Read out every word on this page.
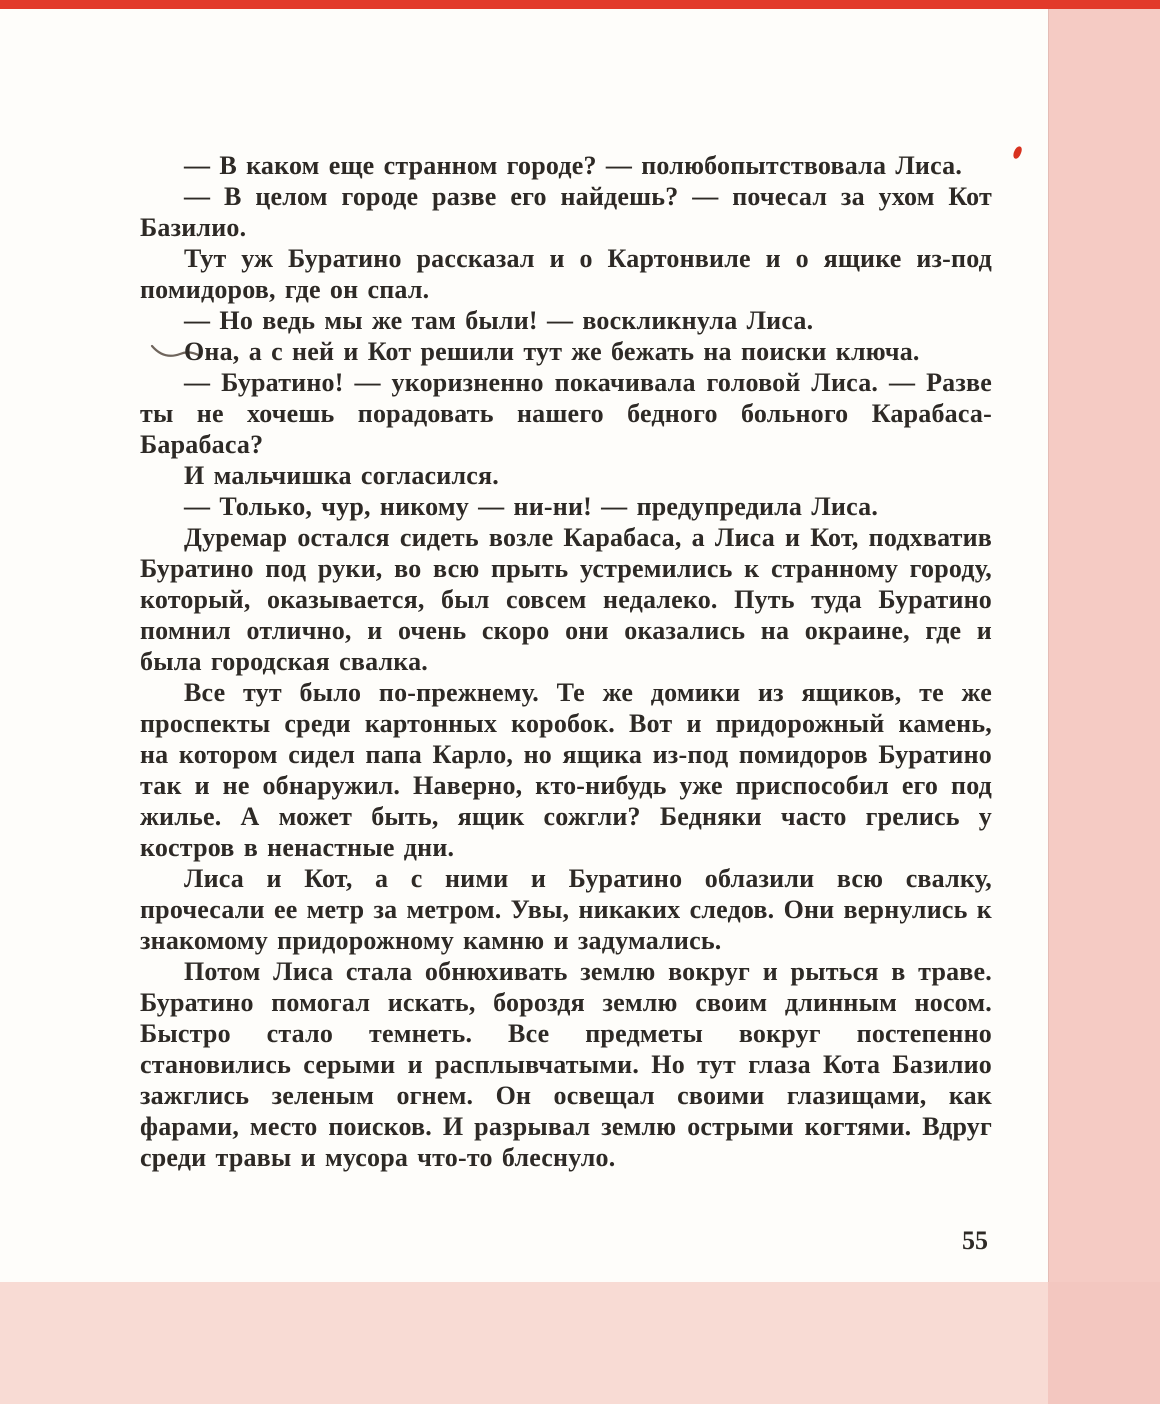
— В каком еще странном городе? — полюбопытствовала Лиса.

— В целом городе разве его найдешь? — почесал за ухом Кот Базилио.

Тут уж Буратино рассказал и о Картонвиле и о ящике из-под помидоров, где он спал.

— Но ведь мы же там были! — воскликнула Лиса.

Она, а с ней и Кот решили тут же бежать на поиски ключа.

— Буратино! — укоризненно покачивала головой Лиса. — Разве ты не хочешь порадовать нашего бедного больного Карабаса-Барабаса?

И мальчишка согласился.

— Только, чур, никому — ни-ни! — предупредила Лиса.

Дуремар остался сидеть возле Карабаса, а Лиса и Кот, подхватив Буратино под руки, во всю прыть устремились к странному городу, который, оказывается, был совсем недалеко. Путь туда Буратино помнил отлично, и очень скоро они оказались на окраине, где и была городская свалка.

Все тут было по-прежнему. Те же домики из ящиков, те же проспекты среди картонных коробок. Вот и придорожный камень, на котором сидел папа Карло, но ящика из-под помидоров Буратино так и не обнаружил. Наверно, кто-нибудь уже приспособил его под жилье. А может быть, ящик сожгли? Бедняки часто грелись у костров в ненастные дни.

Лиса и Кот, а с ними и Буратино облазили всю свалку, прочесали ее метр за метром. Увы, никаких следов. Они вернулись к знакомому придорожному камню и задумались.

Потом Лиса стала обнюхивать землю вокруг и рыться в траве. Буратино помогал искать, бороздя землю своим длинным носом. Быстро стало темнеть. Все предметы вокруг постепенно становились серыми и расплывчатыми. Но тут глаза Кота Базилио зажглись зеленым огнем. Он освещал своими глазищами, как фарами, место поисков. И разрывал землю острыми когтями. Вдруг среди травы и мусора что-то блеснуло.

55
